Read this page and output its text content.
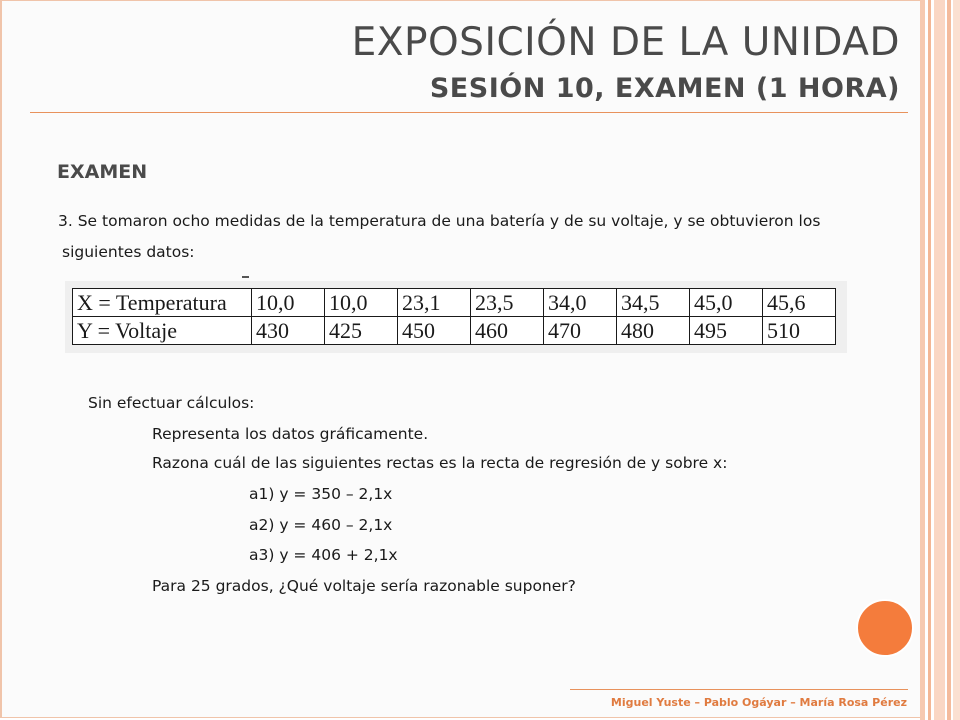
EXPOSICIÓN DE LA UNIDAD
SESIÓN 10, EXAMEN (1 HORA)
EXAMEN
3. Se tomaron ocho medidas de la temperatura de una batería y de su voltaje, y se obtuvieron los
siguientes datos:
X = Temperatura	10,0	10,0	23,1	23,5	34,0	34,5	45,0	45,6
Y = Voltaje	430	425	450	460	470	480	495	510
Sin efectuar cálculos:
Representa los datos gráficamente.
Razona cuál de las siguientes rectas es la recta de regresión de y sobre x:
a1) y = 350 – 2,1x
a2) y = 460 – 2,1x
a3) y = 406 + 2,1x
Para 25 grados, ¿Qué voltaje sería razonable suponer?
Miguel Yuste – Pablo Ogáyar – María Rosa Pérez
